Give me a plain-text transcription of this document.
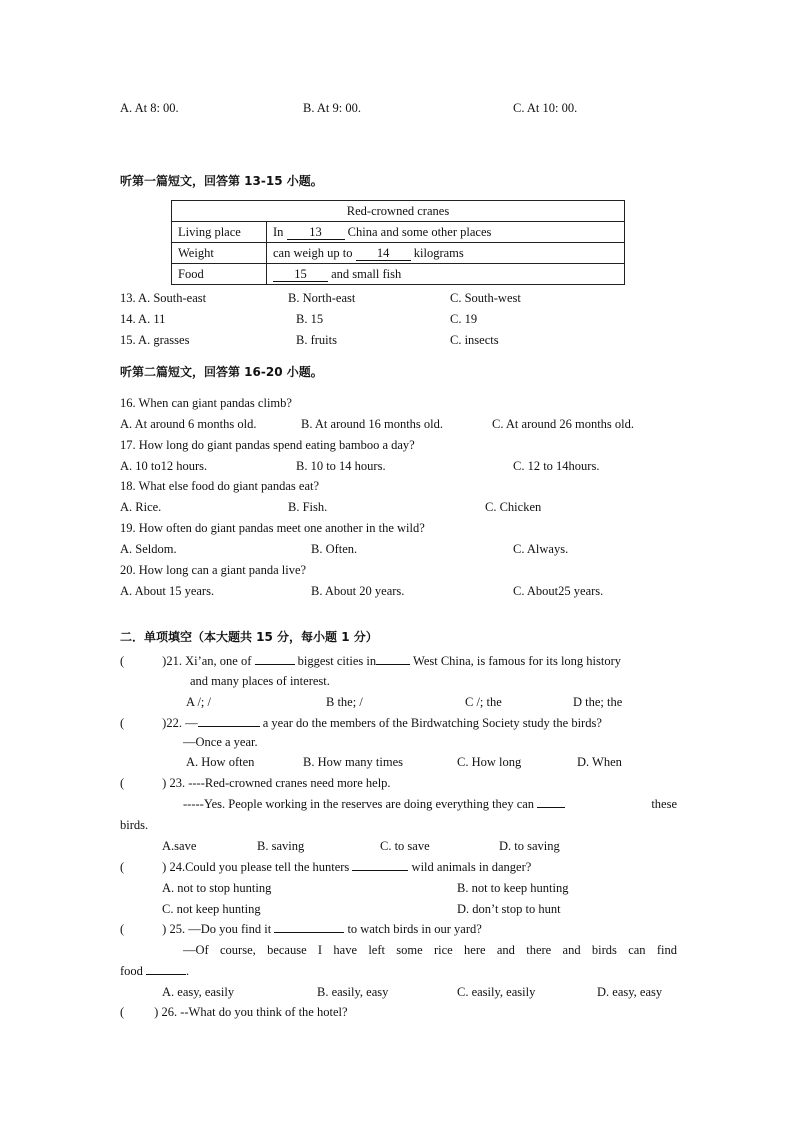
A. At 8: 00.	B. At 9: 00.	C. At 10: 00.
听第一篇短文，回答第 13-15 小题。
Red-crowned cranes	
Living place	In 13 China and some other places
Weight	can weigh up to 14 kilograms
Food	15 and small fish
13. A. South-east	B. North-east	C. South-west
14. A. 11	B. 15	C. 19
15. A. grasses	B. fruits	C. insects
听第二篇短文，回答第 16-20 小题。
16. When can giant pandas climb?
A. At around 6 months old.	B. At around 16 months old.	C. At around 26 months old.
17. How long do giant pandas spend eating bamboo a day?
A. 10 to12 hours.	B. 10 to 14 hours.	C. 12 to 14hours.
18. What else food do giant pandas eat?
A. Rice.	B. Fish.	C. Chicken
19. How often do giant pandas meet one another in the wild?
A. Seldom.	B. Often.	C. Always.
20. How long can a giant panda live?
A. About 15 years.	B. About 20 years.	C. About25 years.
二．单项填空（本大题共 15 分，每小题 1 分）
(	)21. Xi’an, one of	biggest cities in	West China, is famous for its long history
and many places of interest.
A /; /	B the; /	C /; the	D the; the
(	)22. —	a year do the members of the Birdwatching Society study the birds?
—Once a year.
A. How often	B. How many times	C. How long	D. When
(	) 23. ----Red-crowned cranes need more help.
-----Yes. People working in the reserves are doing everything they can	these
birds.
A.save	B. saving	C. to save	D. to saving
(	) 24.Could you please tell the hunters	wild animals in danger?
A. not to stop hunting	B. not to keep hunting
C. not keep hunting	D. don’t stop to hunt
(	) 25. —Do you find it	to watch birds in our yard?
—Of course, because I have left some rice here and there and birds can find
food	.
A. easy, easily	B. easily, easy	C. easily, easily	D. easy, easy
( ) 26. --What do you think of the hotel?
